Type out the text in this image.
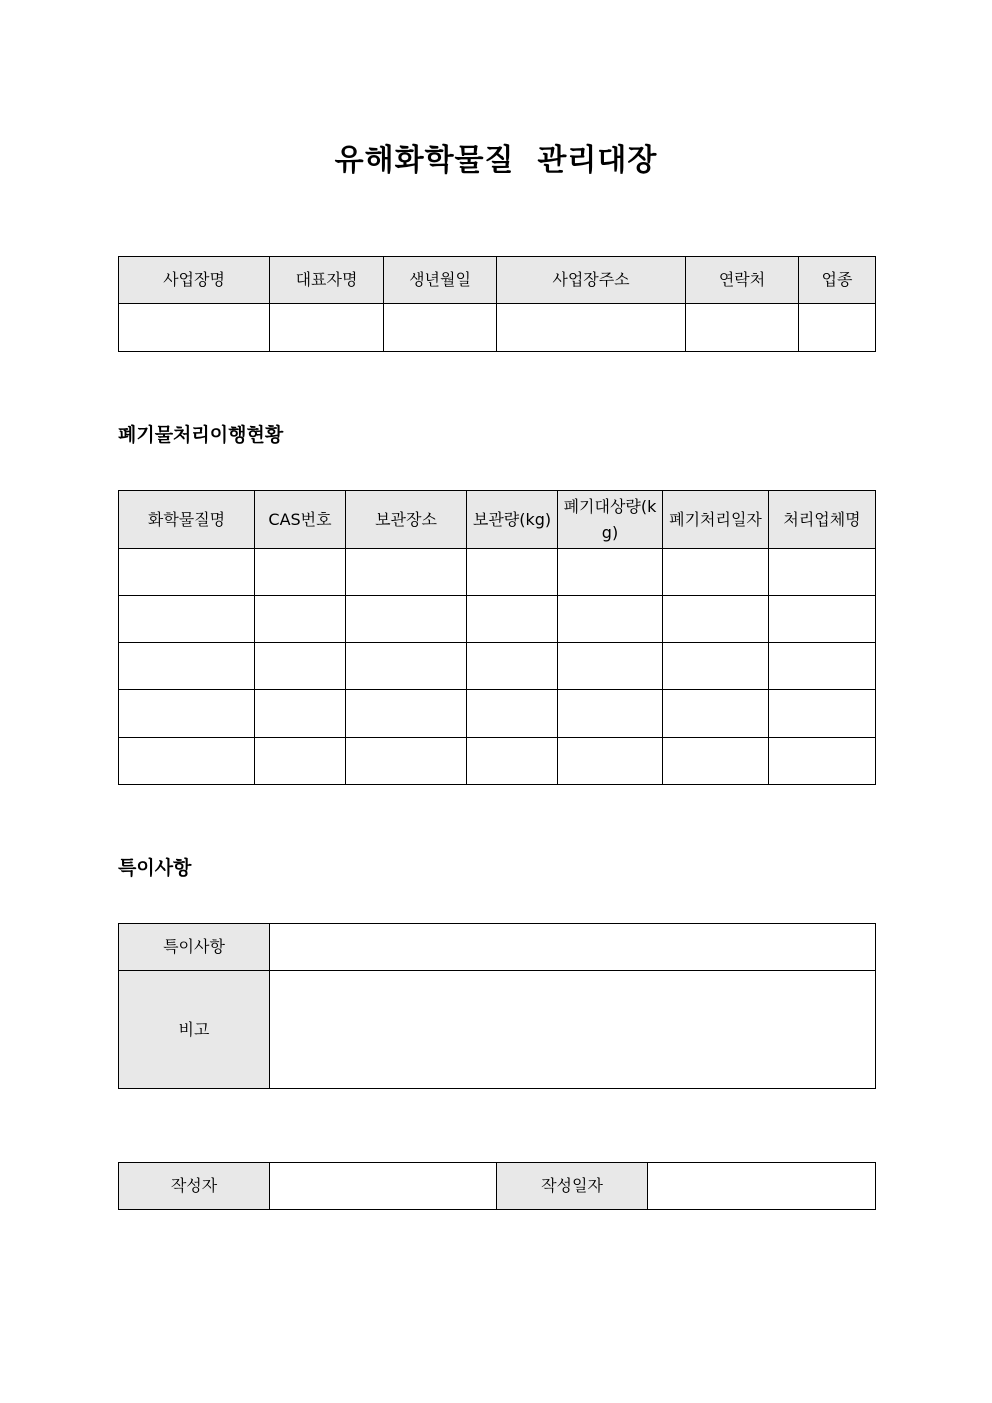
유해화학물질  관리대장
사업장명	대표자명	생년월일	사업장주소	연락처	업종

폐기물처리이행현황
화학물질명	CAS번호	보관장소	보관량(kg)	폐기대상량(kg)	폐기처리일자	처리업체명

특이사항
특이사항	
비고	
작성자		작성일자	
